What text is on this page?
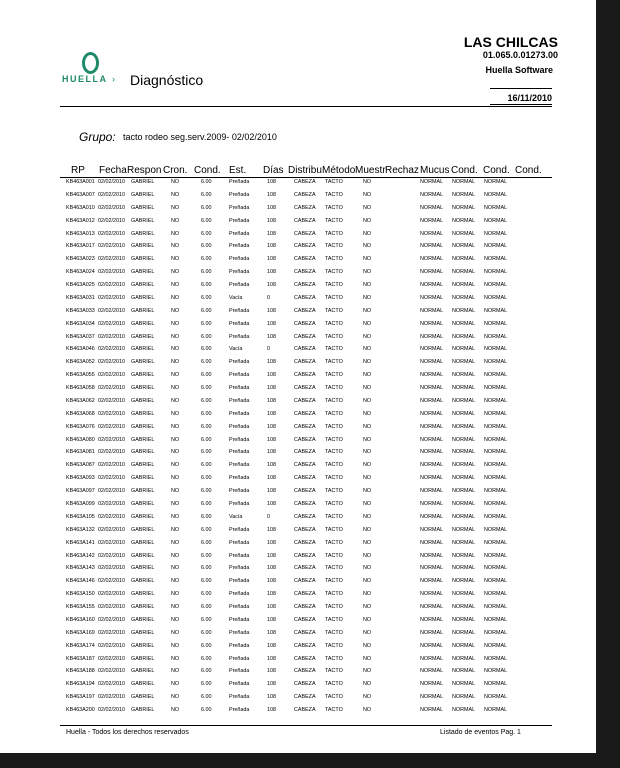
HUELLA › Diagnóstico
LAS CHILCAS
01.065.0.01273.00
Huella Software
16/11/2010
Grupo: tacto rodeo seg.serv.2009- 02/02/2010
RP Fecha Respon Cron. Cond. Est. Días Distribu Método Muestr Rechaz Mucus Cond. Cond. Cond.
KB463A001 02/02/2010 GABRIEL	NO	6.00	Preñada	108	CABEZA TACTO	NO	NORMAL NORMAL NORMAL
KB463A007 02/02/2010 GABRIEL	NO	6.00	Preñada	108	CABEZA TACTO	NO	NORMAL NORMAL NORMAL
KB463A010 02/02/2010 GABRIEL	NO	6.00	Preñada	108	CABEZA TACTO	NO	NORMAL NORMAL NORMAL
KB463A012 02/02/2010 GABRIEL	NO	6.00	Preñada	108	CABEZA TACTO	NO	NORMAL NORMAL NORMAL
KB463A013 02/02/2010 GABRIEL	NO	6.00	Preñada	108	CABEZA TACTO	NO	NORMAL NORMAL NORMAL
KB463A017 02/02/2010 GABRIEL	NO	6.00	Preñada	108	CABEZA TACTO	NO	NORMAL NORMAL NORMAL
KB463A023 02/02/2010 GABRIEL	NO	6.00	Preñada	108	CABEZA TACTO	NO	NORMAL NORMAL NORMAL
KB463A024 02/02/2010 GABRIEL	NO	6.00	Preñada	108	CABEZA TACTO	NO	NORMAL NORMAL NORMAL
KB463A025 02/02/2010 GABRIEL	NO	6.00	Preñada	108	CABEZA TACTO	NO	NORMAL NORMAL NORMAL
KB463A031 02/02/2010 GABRIEL	NO	6.00	Vacía	0	CABEZA TACTO	NO	NORMAL NORMAL NORMAL
KB463A033 02/02/2010 GABRIEL	NO	6.00	Preñada	108	CABEZA TACTO	NO	NORMAL NORMAL NORMAL
KB463A034 02/02/2010 GABRIEL	NO	6.00	Preñada	108	CABEZA TACTO	NO	NORMAL NORMAL NORMAL
KB463A037 02/02/2010 GABRIEL	NO	6.00	Preñada	108	CABEZA TACTO	NO	NORMAL NORMAL NORMAL
KB463A046 02/02/2010 GABRIEL	NO	6.00	Vacía	0	CABEZA TACTO	NO	NORMAL NORMAL NORMAL
KB463A052 02/02/2010 GABRIEL	NO	6.00	Preñada	108	CABEZA TACTO	NO	NORMAL NORMAL NORMAL
KB463A055 02/02/2010 GABRIEL	NO	6.00	Preñada	108	CABEZA TACTO	NO	NORMAL NORMAL NORMAL
KB463A058 02/02/2010 GABRIEL	NO	6.00	Preñada	108	CABEZA TACTO	NO	NORMAL NORMAL NORMAL
KB463A062 02/02/2010 GABRIEL	NO	6.00	Preñada	108	CABEZA TACTO	NO	NORMAL NORMAL NORMAL
KB463A068 02/02/2010 GABRIEL	NO	6.00	Preñada	108	CABEZA TACTO	NO	NORMAL NORMAL NORMAL
KB463A076 02/02/2010 GABRIEL	NO	6.00	Preñada	108	CABEZA TACTO	NO	NORMAL NORMAL NORMAL
KB463A080 02/02/2010 GABRIEL	NO	6.00	Preñada	108	CABEZA TACTO	NO	NORMAL NORMAL NORMAL
KB463A081 02/02/2010 GABRIEL	NO	6.00	Preñada	108	CABEZA TACTO	NO	NORMAL NORMAL NORMAL
KB463A087 02/02/2010 GABRIEL	NO	6.00	Preñada	108	CABEZA TACTO	NO	NORMAL NORMAL NORMAL
KB463A093 02/02/2010 GABRIEL	NO	6.00	Preñada	108	CABEZA TACTO	NO	NORMAL NORMAL NORMAL
KB463A097 02/02/2010 GABRIEL	NO	6.00	Preñada	108	CABEZA TACTO	NO	NORMAL NORMAL NORMAL
KB463A099 02/02/2010 GABRIEL	NO	6.00	Preñada	108	CABEZA TACTO	NO	NORMAL NORMAL NORMAL
KB463A105 02/02/2010 GABRIEL	NO	6.00	Vacía	0	CABEZA TACTO	NO	NORMAL NORMAL NORMAL
KB463A132 02/02/2010 GABRIEL	NO	6.00	Preñada	108	CABEZA TACTO	NO	NORMAL NORMAL NORMAL
KB463A141 02/02/2010 GABRIEL	NO	6.00	Preñada	108	CABEZA TACTO	NO	NORMAL NORMAL NORMAL
KB463A142 02/02/2010 GABRIEL	NO	6.00	Preñada	108	CABEZA TACTO	NO	NORMAL NORMAL NORMAL
KB463A143 02/02/2010 GABRIEL	NO	6.00	Preñada	108	CABEZA TACTO	NO	NORMAL NORMAL NORMAL
KB463A146 02/02/2010 GABRIEL	NO	6.00	Preñada	108	CABEZA TACTO	NO	NORMAL NORMAL NORMAL
KB463A150 02/02/2010 GABRIEL	NO	6.00	Preñada	108	CABEZA TACTO	NO	NORMAL NORMAL NORMAL
KB463A155 02/02/2010 GABRIEL	NO	6.00	Preñada	108	CABEZA TACTO	NO	NORMAL NORMAL NORMAL
KB463A160 02/02/2010 GABRIEL	NO	6.00	Preñada	108	CABEZA TACTO	NO	NORMAL NORMAL NORMAL
KB463A169 02/02/2010 GABRIEL	NO	6.00	Preñada	108	CABEZA TACTO	NO	NORMAL NORMAL NORMAL
KB463A174 02/02/2010 GABRIEL	NO	6.00	Preñada	108	CABEZA TACTO	NO	NORMAL NORMAL NORMAL
KB463A187 02/02/2010 GABRIEL	NO	6.00	Preñada	108	CABEZA TACTO	NO	NORMAL NORMAL NORMAL
KB463A188 02/02/2010 GABRIEL	NO	6.00	Preñada	108	CABEZA TACTO	NO	NORMAL NORMAL NORMAL
KB463A194 02/02/2010 GABRIEL	NO	6.00	Preñada	108	CABEZA TACTO	NO	NORMAL NORMAL NORMAL
KB463A197 02/02/2010 GABRIEL	NO	6.00	Preñada	108	CABEZA TACTO	NO	NORMAL NORMAL NORMAL
KB463A200 02/02/2010 GABRIEL	NO	6.00	Preñada	108	CABEZA TACTO	NO	NORMAL NORMAL NORMAL
Huella - Todos los derechos reservados	Listado de eventos Pag. 1
